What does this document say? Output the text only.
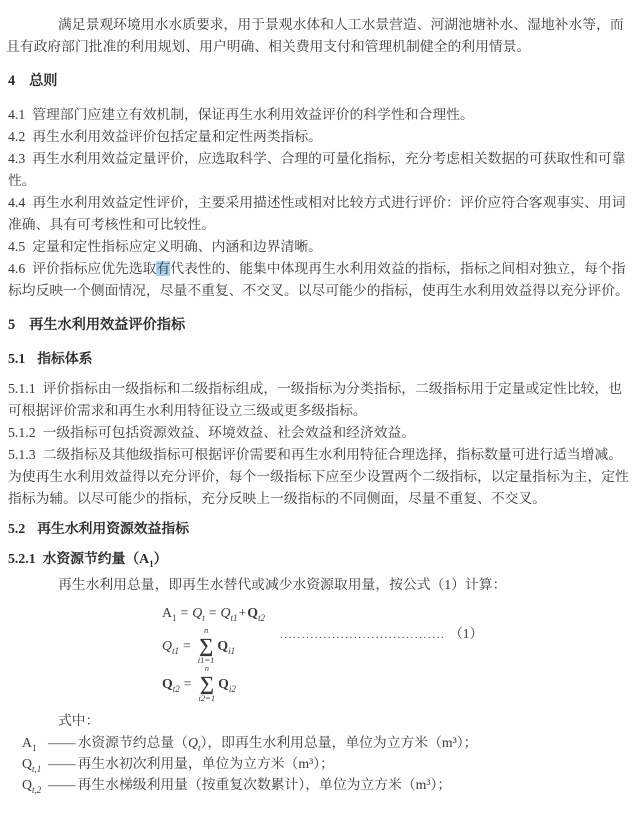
满足景观环境用水水质要求，用于景观水体和人工水景营造、河湖池塘补水、湿地补水等，而且有政府部门批准的利用规划、用户明确、相关费用支付和管理机制健全的利用情景。

4 总则

4.1 管理部门应建立有效机制，保证再生水利用效益评价的科学性和合理性。

4.2 再生水利用效益评价包括定量和定性两类指标。

4.3 再生水利用效益定量评价，应选取科学、合理的可量化指标，充分考虑相关数据的可获取性和可靠性。

4.4 再生水利用效益定性评价，主要采用描述性或相对比较方式进行评价：评价应符合客观事实、用词准确、具有可考核性和可比较性。

4.5 定量和定性指标应定义明确、内涵和边界清晰。

4.6 评价指标应优先选取有代表性的、能集中体现再生水利用效益的指标，指标之间相对独立，每个指标均反映一个侧面情况，尽量不重复、不交叉。以尽可能少的指标，使再生水利用效益得以充分评价。

5 再生水利用效益评价指标
5.1 指标体系

5.1.1 评价指标由一级指标和二级指标组成，一级指标为分类指标，二级指标用于定量或定性比较，也可根据评价需求和再生水利用特征设立三级或更多级指标。

5.1.2 一级指标可包括资源效益、环境效益、社会效益和经济效益。

5.1.3 二级指标及其他级指标可根据评价需要和再生水利用特征合理选择，指标数量可进行适当增减。为使再生水利用效益得以充分评价，每个一级指标下应至少设置两个二级指标，以定量指标为主，定性指标为辅。以尽可能少的指标，充分反映上一级指标的不同侧面，尽量不重复、不交叉。

5.2 再生水利用资源效益指标
5.2.1 水资源节约量$(A_1)$

再生水利用总量，即再生水替代或减少水资源取用量，按公式（1）计算：

$A_1 = Q_t = Q_{t1}+Q_{t2}$
$Q_{t1}$ =
n
∑
i1=1
$Q_{i1}$
$Q_{t2}$ =
n
∑
i2=1
$Q_{i2}$
...................................... （1）

式中：

$A_1$ —— 水资源节约总量$(Q_t)$，即再生水利用总量，单位为立方米（m³）；

$Q_{t,1}$ —— 再生水初次利用量，单位为立方米（m³）；

$Q_{t,2}$ —— 再生水梯级利用量（按重复次数累计），单位为立方米（m³）；
